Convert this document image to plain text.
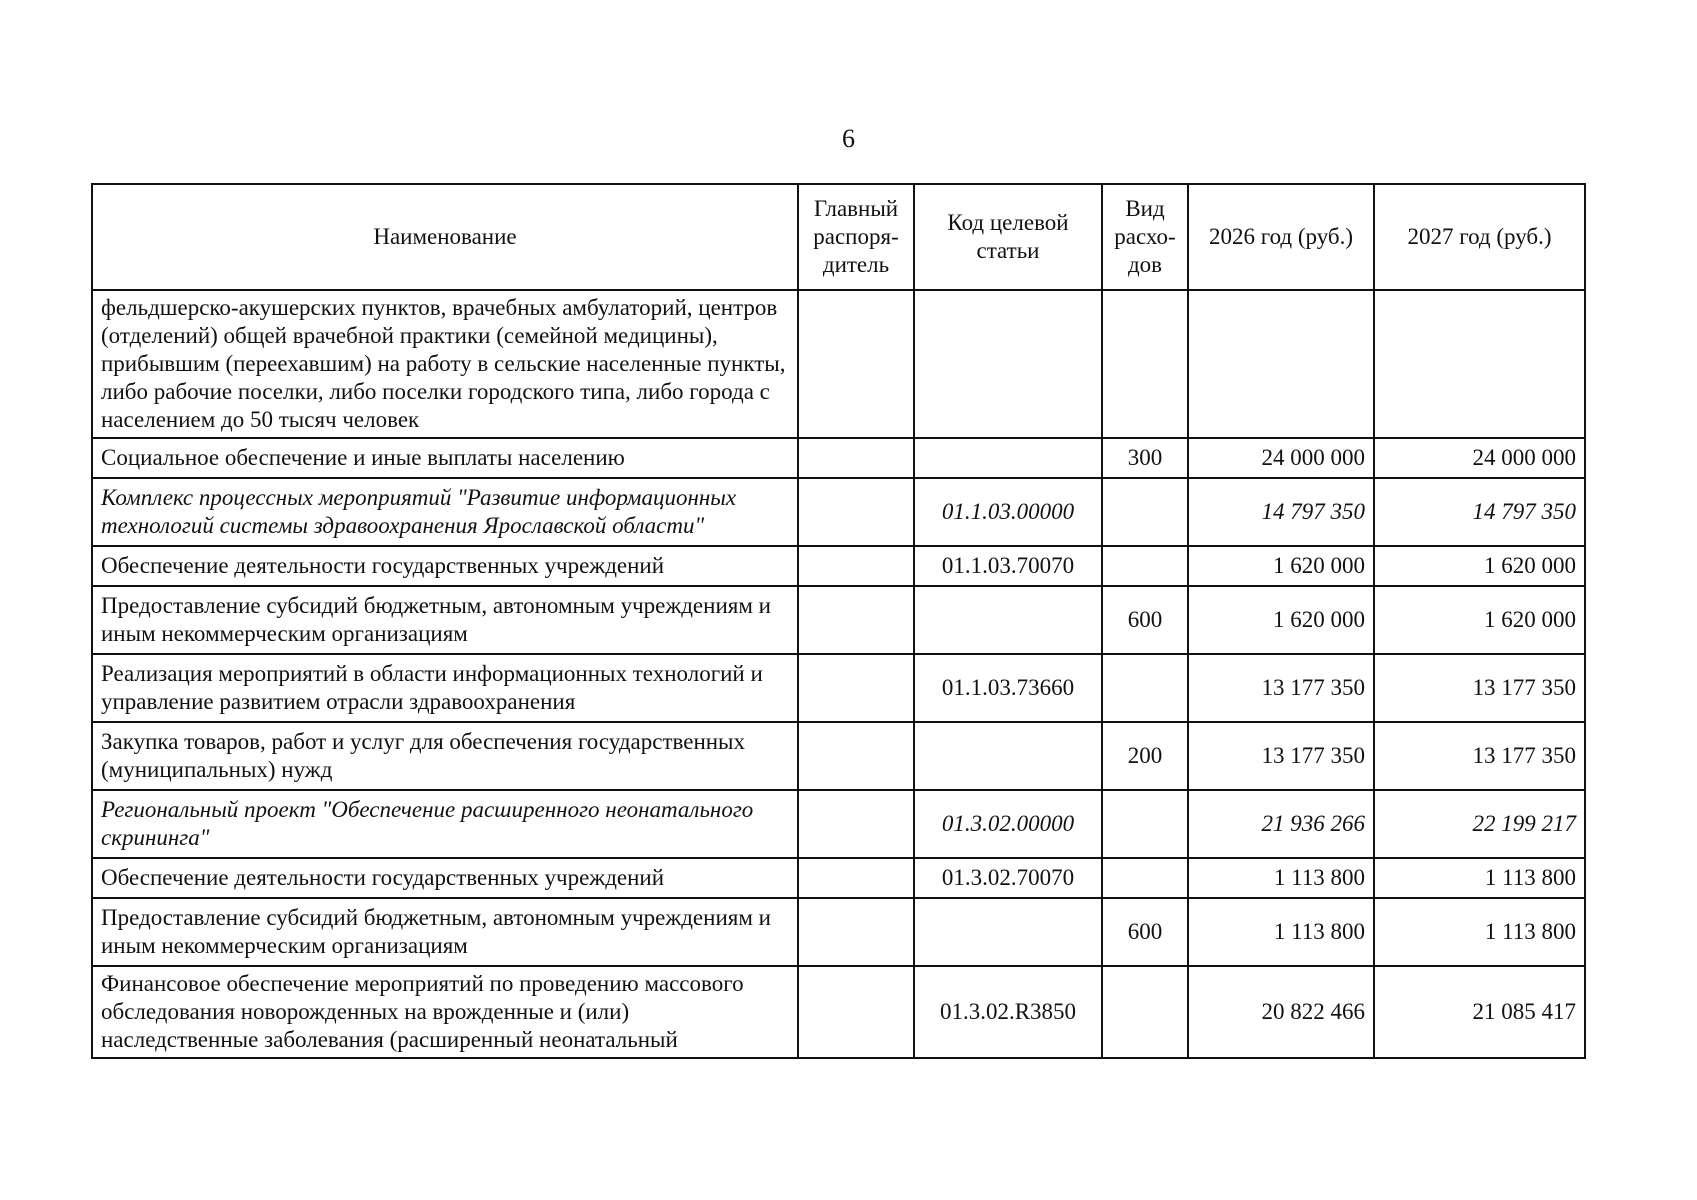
6
Наименование	Главный распоря- дитель	Код целевой статьи	Вид расхо- дов	2026 год (руб.)	2027 год (руб.)
фельдшерско-акушерских пунктов, врачебных амбулаторий, центров (отделений) общей врачебной практики (семейной медицины), прибывшим (переехавшим) на работу в сельские населенные пункты, либо рабочие поселки, либо поселки городского типа, либо города с населением до 50 тысяч человек					
Социальное обеспечение и иные выплаты населению			300	24 000 000	24 000 000
Комплекс процессных мероприятий "Развитие информационных технологий системы здравоохранения Ярославской области"		01.1.03.00000		14 797 350	14 797 350
Обеспечение деятельности государственных учреждений		01.1.03.70070		1 620 000	1 620 000
Предоставление субсидий бюджетным, автономным учреждениям и иным некоммерческим организациям			600	1 620 000	1 620 000
Реализация мероприятий в области информационных технологий и управление развитием отрасли здравоохранения		01.1.03.73660		13 177 350	13 177 350
Закупка товаров, работ и услуг для обеспечения государственных (муниципальных) нужд			200	13 177 350	13 177 350
Региональный проект "Обеспечение расширенного неонатального скрининга"		01.3.02.00000		21 936 266	22 199 217
Обеспечение деятельности государственных учреждений		01.3.02.70070		1 113 800	1 113 800
Предоставление субсидий бюджетным, автономным учреждениям и иным некоммерческим организациям			600	1 113 800	1 113 800
Финансовое обеспечение мероприятий по проведению массового обследования новорожденных на врожденные и (или) наследственные заболевания (расширенный неонатальный		01.3.02.R3850		20 822 466	21 085 417
